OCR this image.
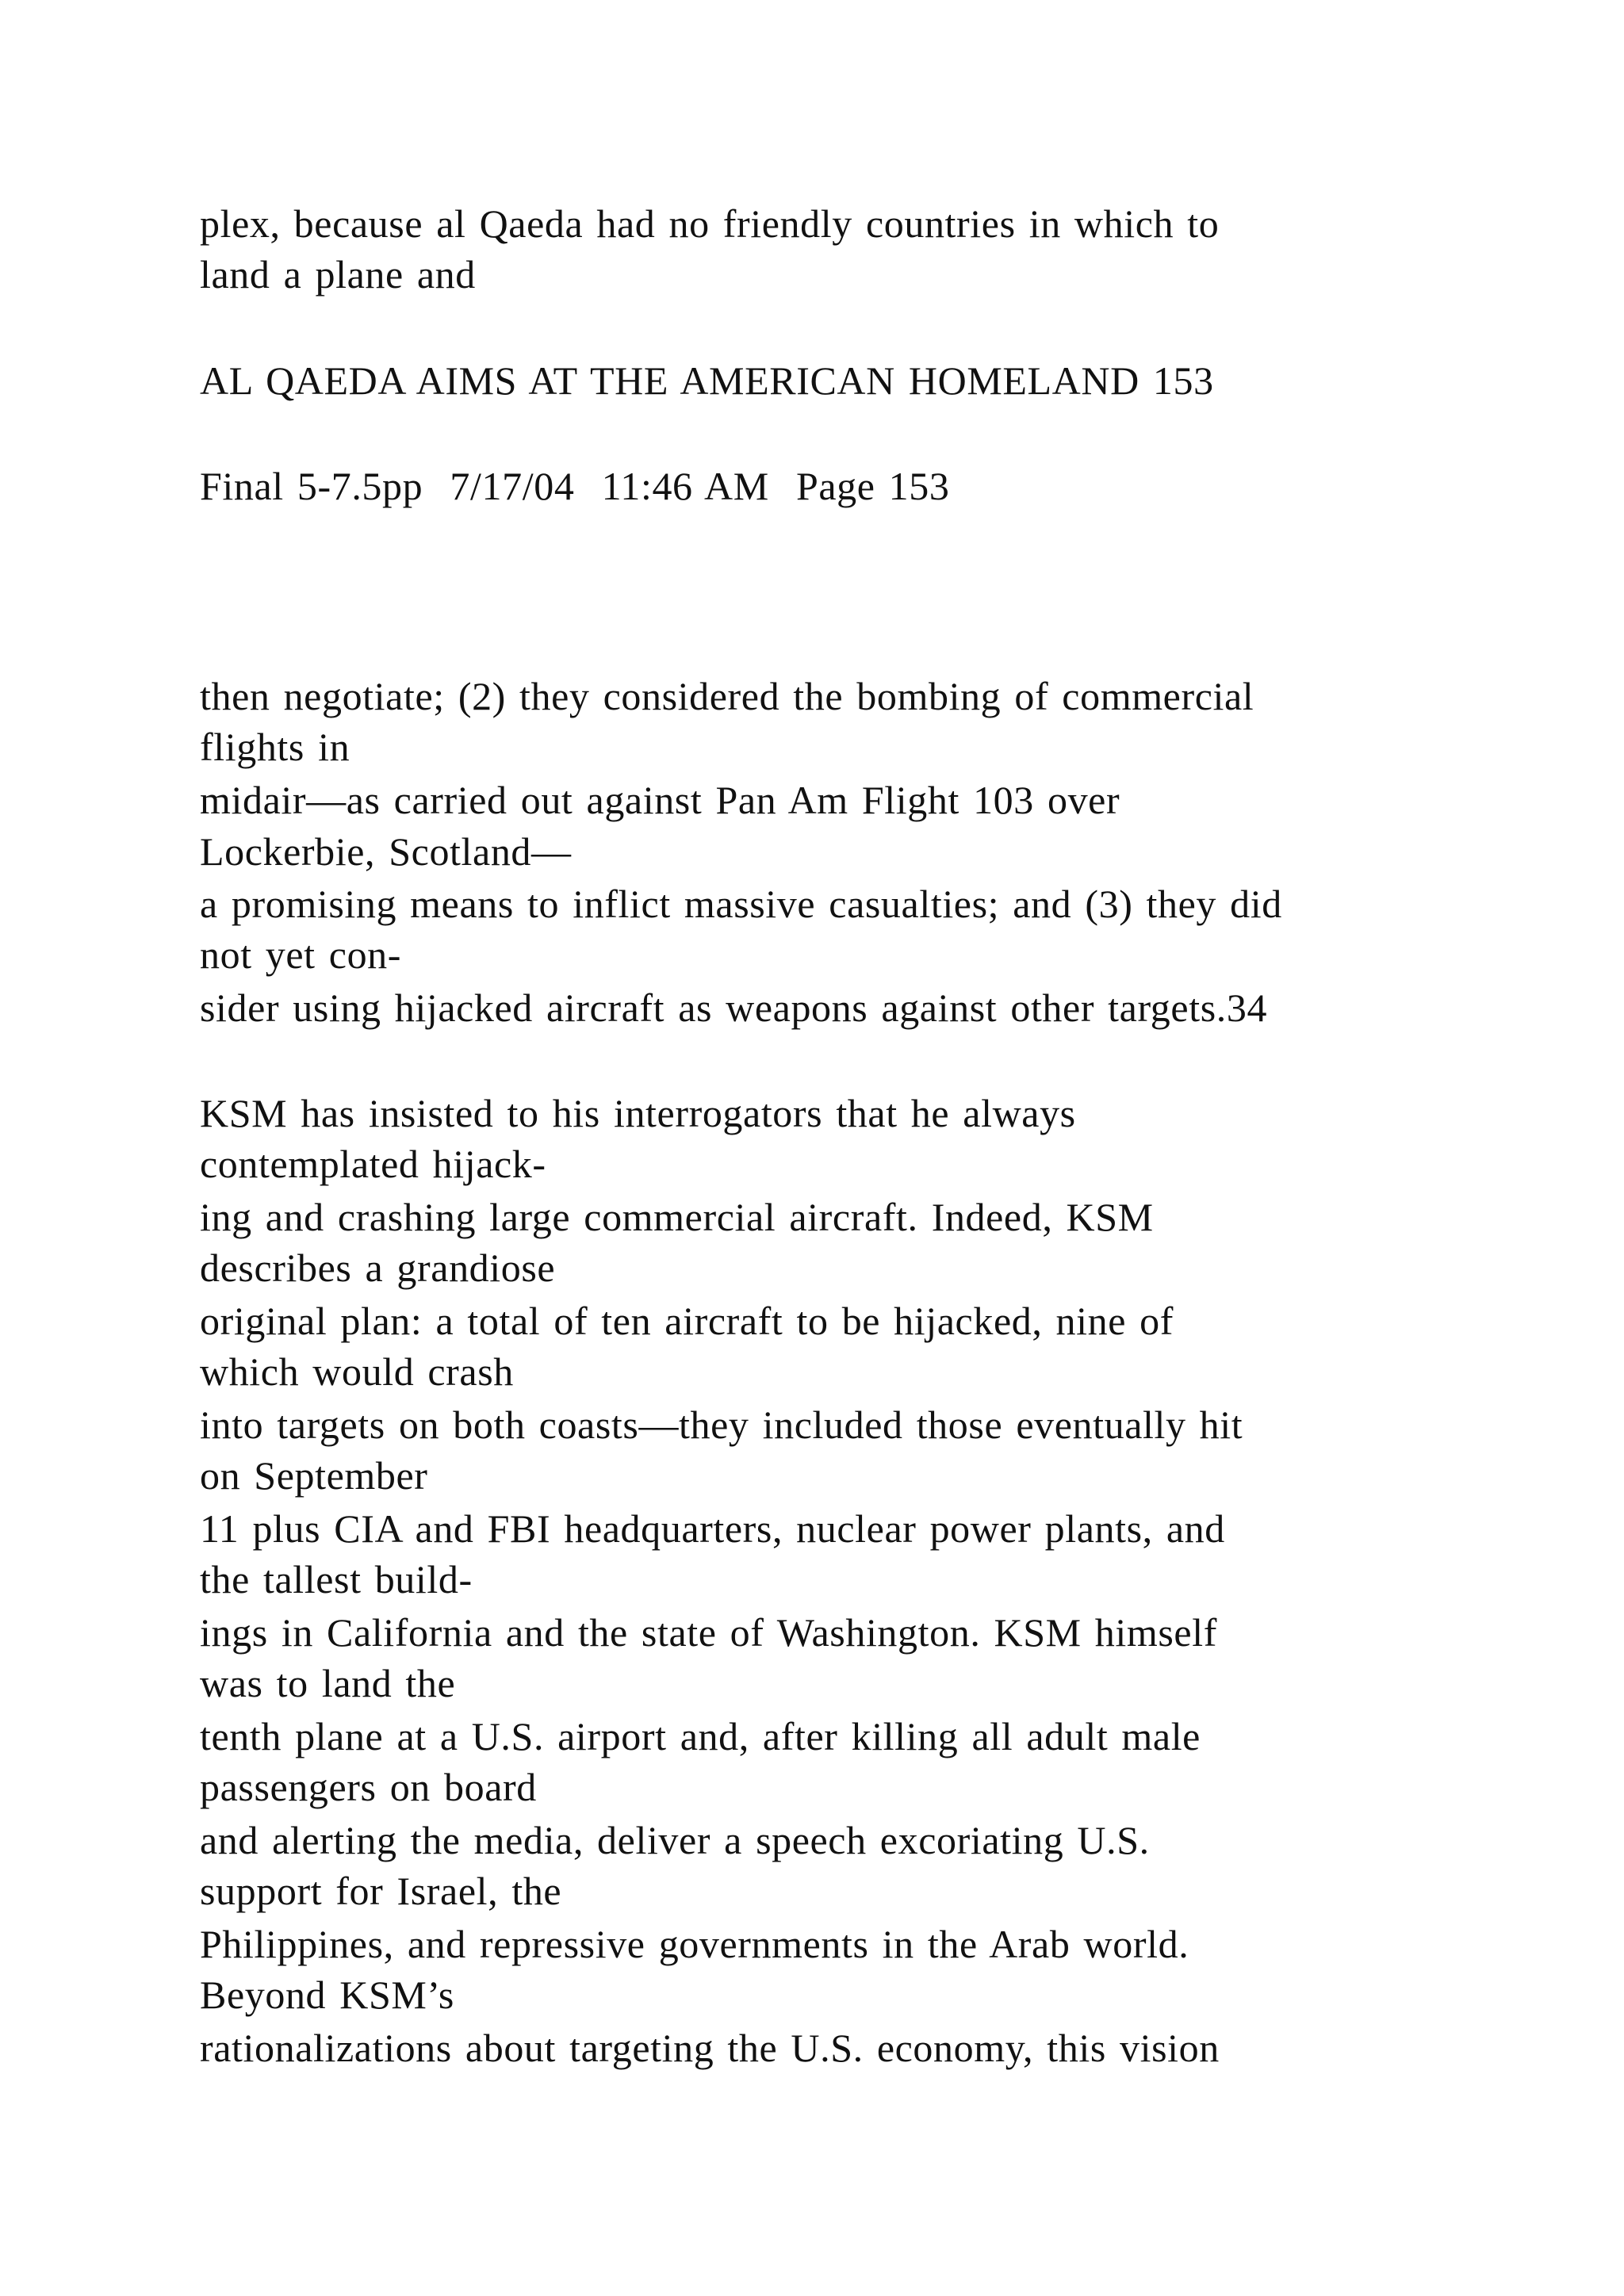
plex, because al Qaeda had no friendly countries in which to

land a plane and

AL QAEDA AIMS AT THE AMERICAN HOMELAND 153

Final 5-7.5pp  7/17/04  11:46 AM  Page 153

then negotiate; (2) they considered the bombing of commercial

flights in

midair—as carried out against Pan Am Flight 103 over

Lockerbie, Scotland—

a promising means to inflict massive casualties; and (3) they did

not yet con-

sider using hijacked aircraft as weapons against other targets.34

KSM has insisted to his interrogators that he always

contemplated hijack-

ing and crashing large commercial aircraft. Indeed, KSM

describes a grandiose

original plan: a total of ten aircraft to be hijacked, nine of

which would crash

into targets on both coasts—they included those eventually hit

on September

11 plus CIA and FBI headquarters, nuclear power plants, and

the tallest build-

ings in California and the state of Washington. KSM himself

was to land the

tenth plane at a U.S. airport and, after killing all adult male

passengers on board

and alerting the media, deliver a speech excoriating U.S.

support for Israel, the

Philippines, and repressive governments in the Arab world.

Beyond KSM’s

rationalizations about targeting the U.S. economy, this vision
